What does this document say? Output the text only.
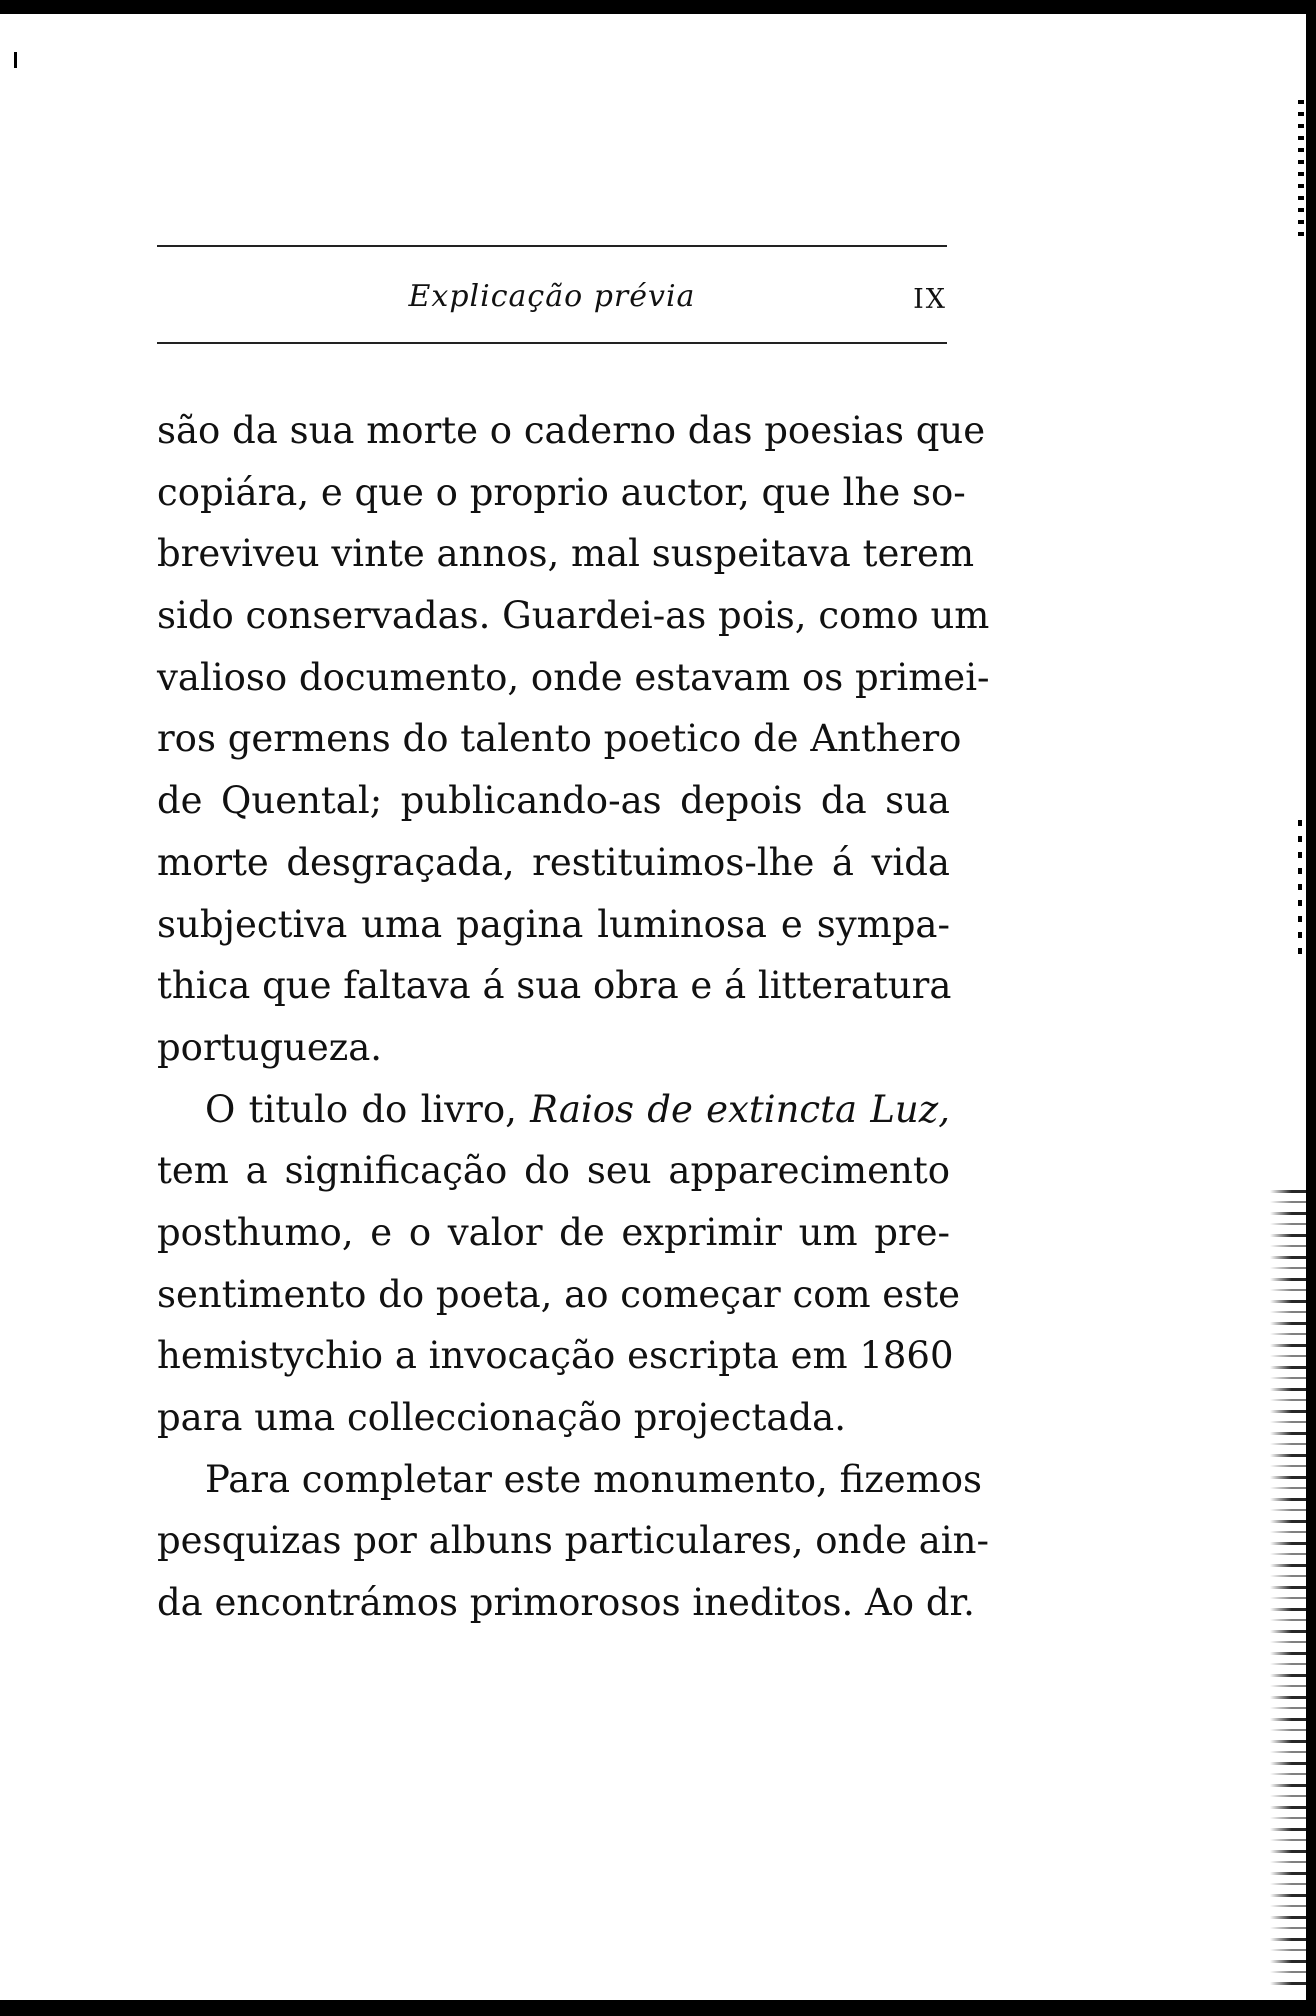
Explicação prévia	IX
são da sua morte o caderno das poesias que
copiára, e que o proprio auctor, que lhe so-
breviveu vinte annos, mal suspeitava terem
sido conservadas. Guardei-as pois, como um
valioso documento, onde estavam os primei-
ros germens do talento poetico de Anthero
de Quental; publicando-as depois da sua
morte desgraçada, restituimos-lhe á vida
subjectiva uma pagina luminosa e sympa-
thica que faltava á sua obra e á litteratura
portugueza.
O titulo do livro, Raios de extincta Luz,
tem a significação do seu apparecimento
posthumo, e o valor de exprimir um pre-
sentimento do poeta, ao começar com este
hemistychio a invocação escripta em 1860
para uma colleccionação projectada.
Para completar este monumento, fizemos
pesquizas por albuns particulares, onde ain-
da encontrámos primorosos ineditos. Ao dr.
